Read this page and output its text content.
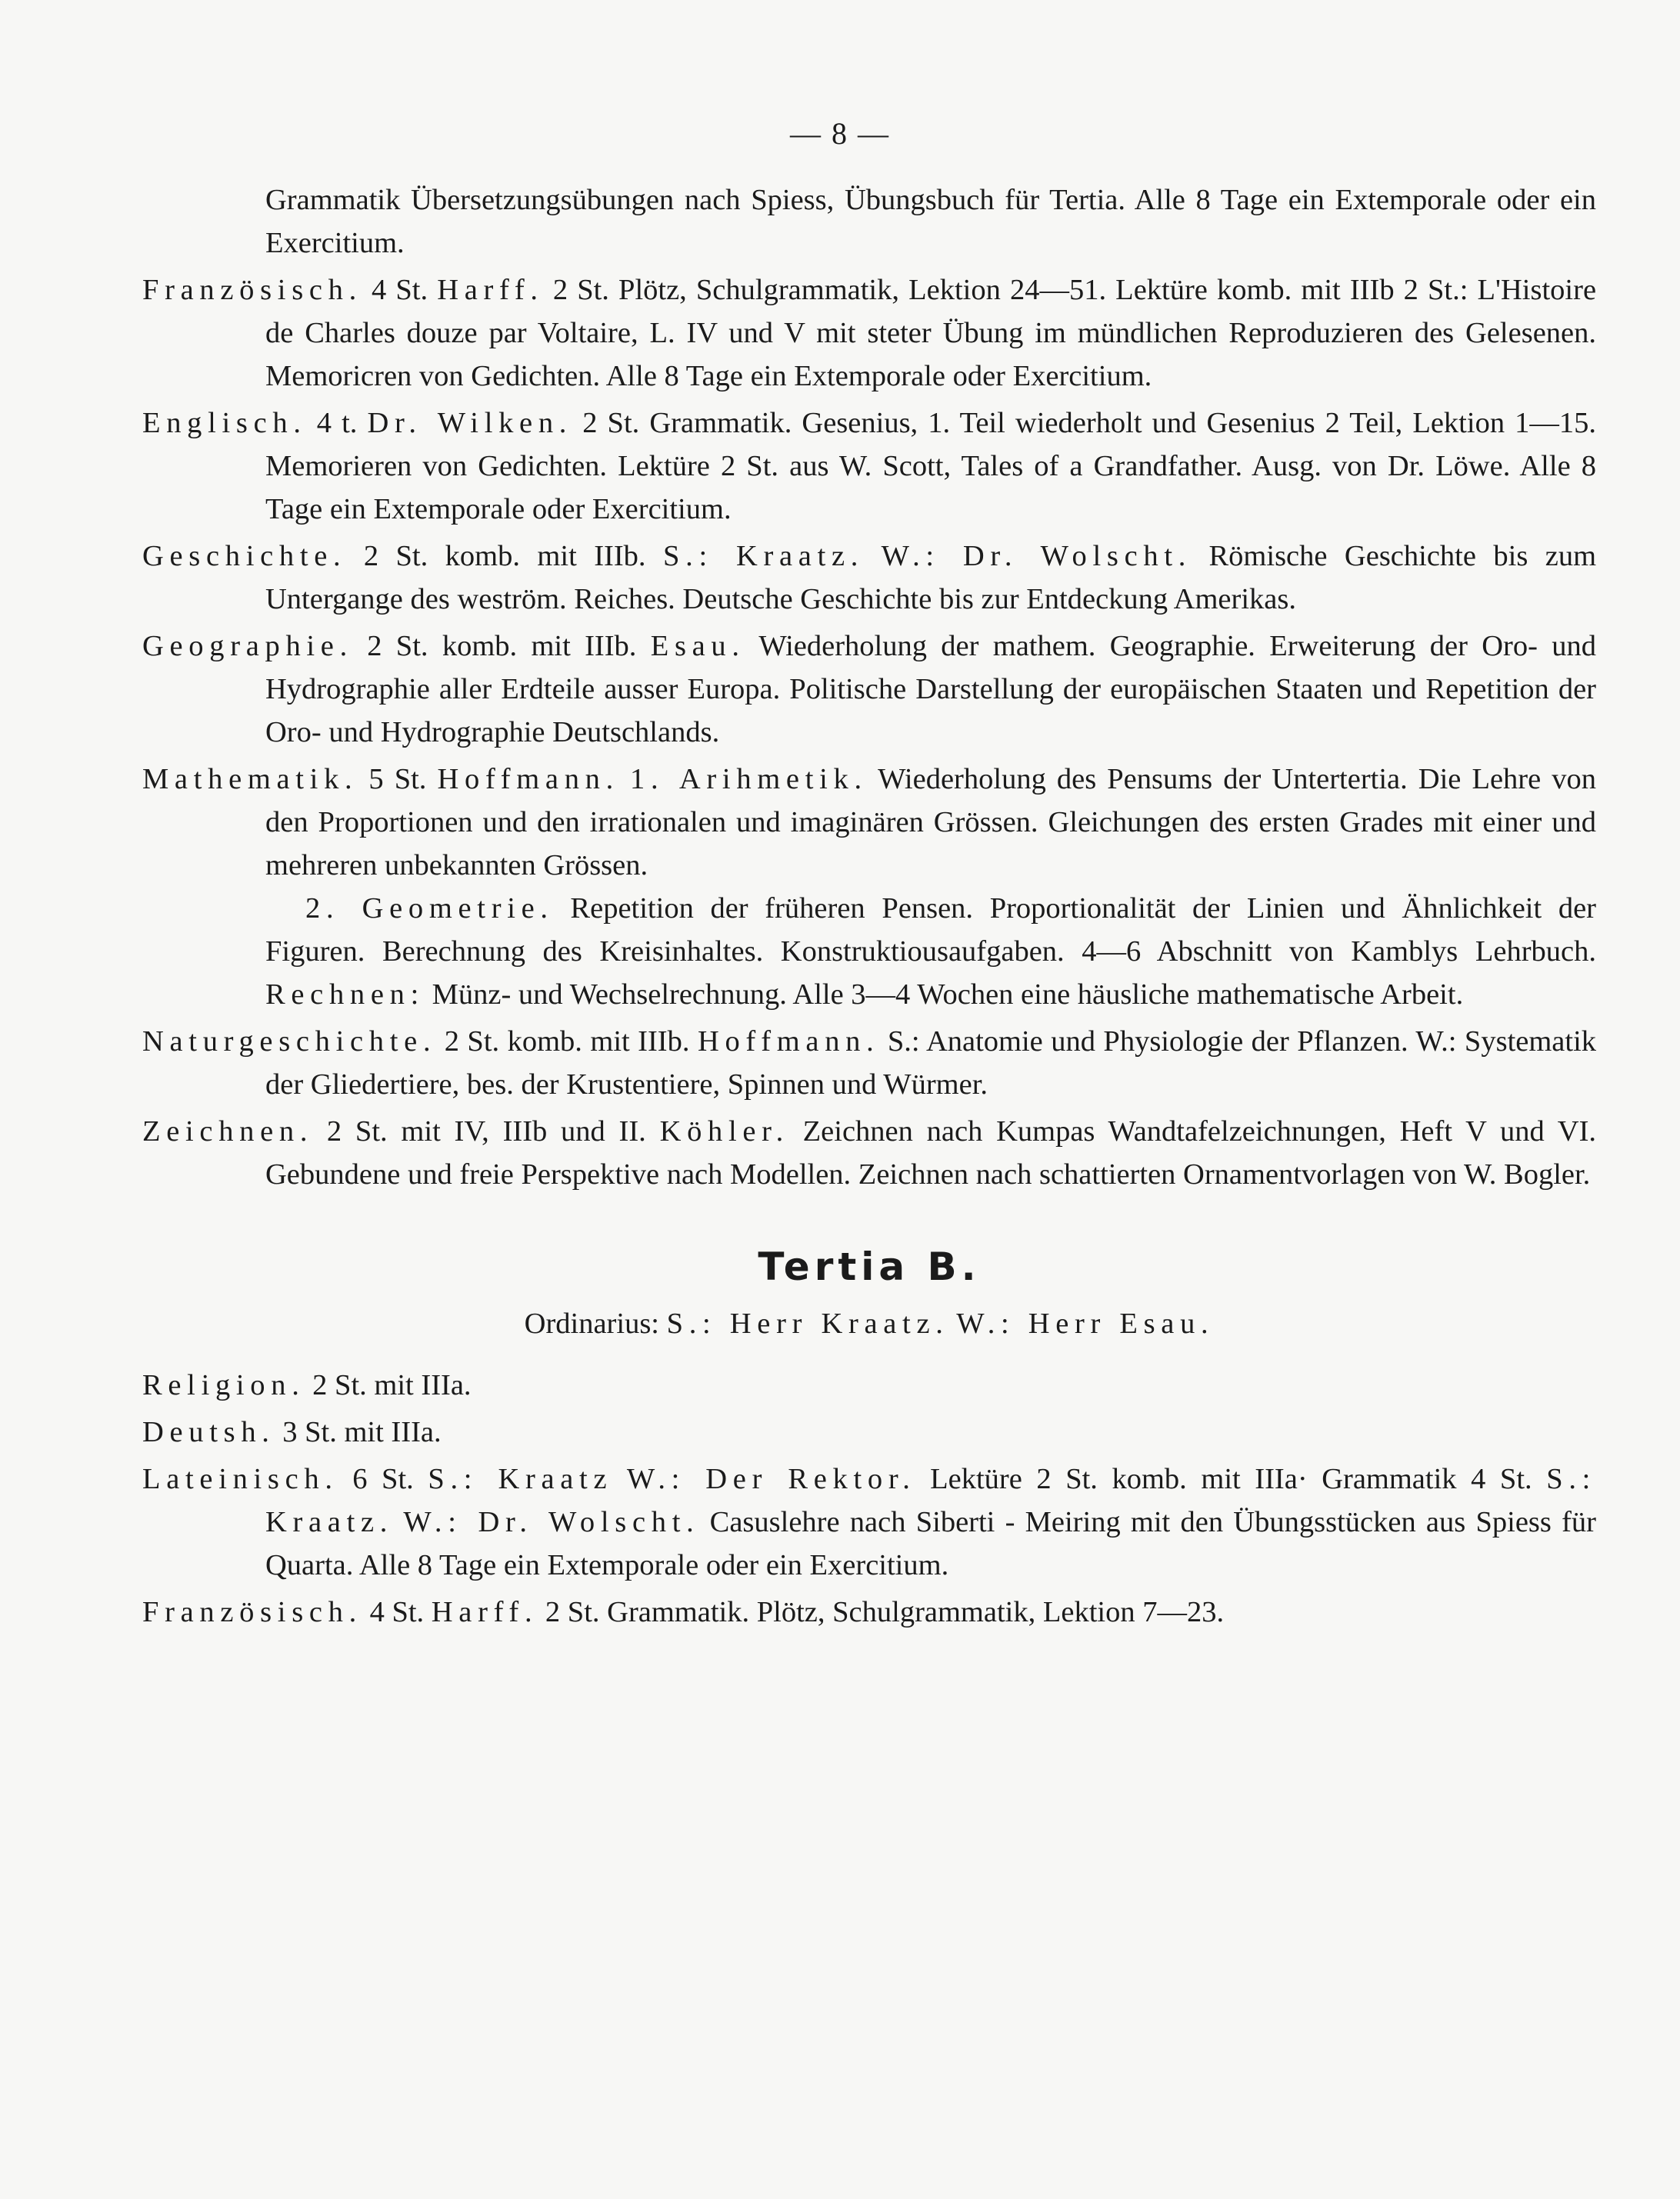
— 8 —

Grammatik Übersetzungsübungen nach Spiess, Übungsbuch für Tertia. Alle 8 Tage ein Extemporale oder ein Exercitium.

Französisch. 4 St. Harff. 2 St. Plötz, Schulgrammatik, Lektion 24—51. Lektüre komb. mit IIIb 2 St.: L'Histoire de Charles douze par Voltaire, L. IV und V mit steter Übung im mündlichen Reproduzieren des Gelesenen. Memoricren von Gedichten. Alle 8 Tage ein Extemporale oder Exercitium.

Englisch. 4 t. Dr. Wilken. 2 St. Grammatik. Gesenius, 1. Teil wiederholt und Gesenius 2 Teil, Lektion 1—15. Memorieren von Gedichten. Lektüre 2 St. aus W. Scott, Tales of a Grandfather. Ausg. von Dr. Löwe. Alle 8 Tage ein Extemporale oder Exercitium.

Geschichte. 2 St. komb. mit IIIb. S.: Kraatz. W.: Dr. Wolscht. Römische Geschichte bis zum Untergange des weström. Reiches. Deutsche Geschichte bis zur Entdeckung Amerikas.

Geographie. 2 St. komb. mit IIIb. Esau. Wiederholung der mathem. Geographie. Erweiterung der Oro- und Hydrographie aller Erdteile ausser Europa. Politische Darstellung der europäischen Staaten und Repetition der Oro- und Hydrographie Deutschlands.

Mathematik. 5 St. Hoffmann. 1. Arihmetik. Wiederholung des Pensums der Untertertia. Die Lehre von den Proportionen und den irrationalen und imaginären Grössen. Gleichungen des ersten Grades mit einer und mehreren unbekannten Grössen.
2. Geometrie. Repetition der früheren Pensen. Proportionalität der Linien und Ähnlichkeit der Figuren. Berechnung des Kreisinhaltes. Konstruktiousaufgaben. 4—6 Abschnitt von Kamblys Lehrbuch. Rechnen: Münz- und Wechselrechnung. Alle 3—4 Wochen eine häusliche mathematische Arbeit.

Naturgeschichte. 2 St. komb. mit IIIb. Hoffmann. S.: Anatomie und Physiologie der Pflanzen. W.: Systematik der Gliedertiere, bes. der Krustentiere, Spinnen und Würmer.

Zeichnen. 2 St. mit IV, IIIb und II. Köhler. Zeichnen nach Kumpas Wandtafelzeichnungen, Heft V und VI. Gebundene und freie Perspektive nach Modellen. Zeichnen nach schattierten Ornamentvorlagen von W. Bogler.

Tertia B.
Ordinarius: S.: Herr Kraatz. W.: Herr Esau.

Religion. 2 St. mit IIIa.

Deutsh. 3 St. mit IIIa.

Lateinisch. 6 St. S.: Kraatz W.: Der Rektor. Lektüre 2 St. komb. mit IIIa· Grammatik 4 St. S.: Kraatz. W.: Dr. Wolscht. Casuslehre nach Siberti - Meiring mit den Übungsstücken aus Spiess für Quarta. Alle 8 Tage ein Extemporale oder ein Exercitium.

Französisch. 4 St. Harff. 2 St. Grammatik. Plötz, Schulgrammatik, Lektion 7—23.
